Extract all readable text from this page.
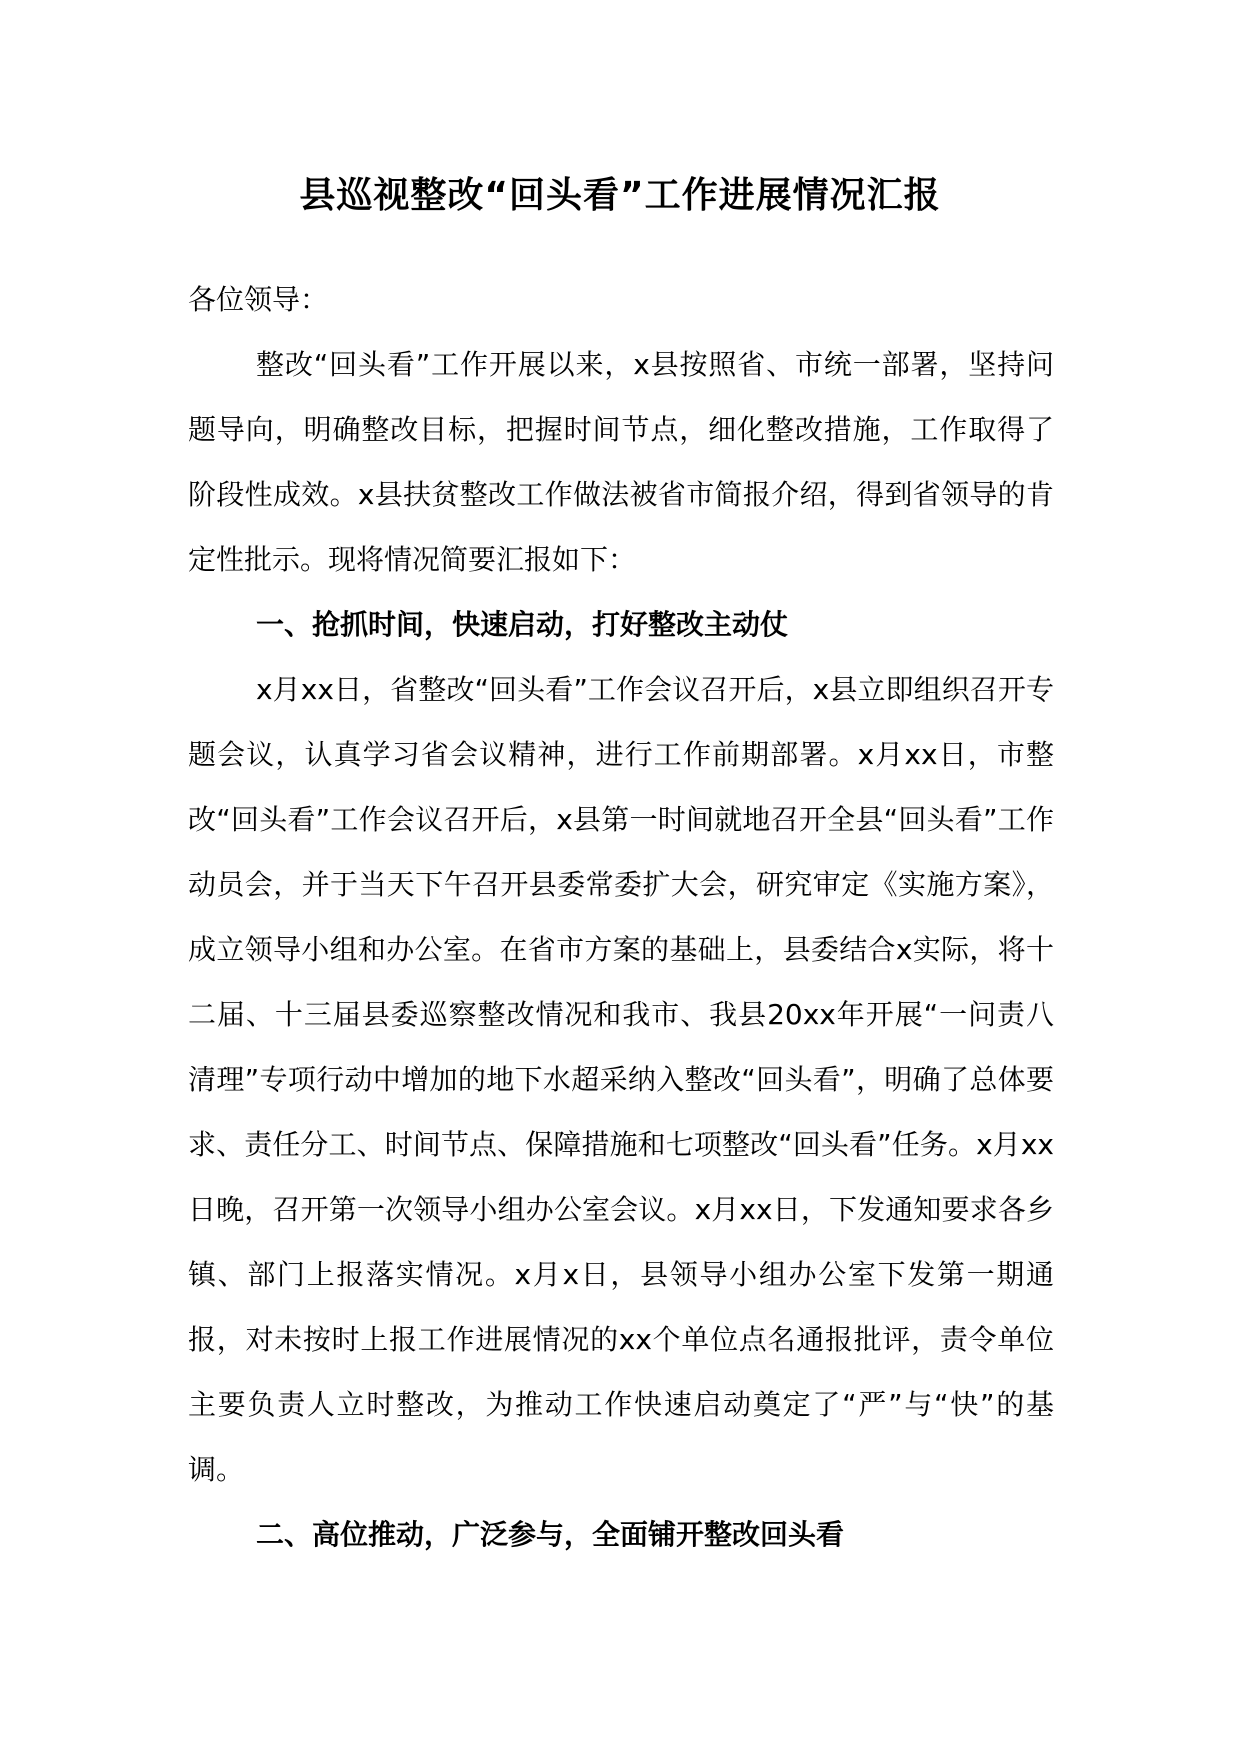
县巡视整改“回头看”工作进展情况汇报

各位领导：

整改“回头看”工作开展以来，x县按照省、市统一部署，坚持问题导向，明确整改目标，把握时间节点，细化整改措施，工作取得了阶段性成效。x县扶贫整改工作做法被省市简报介绍，得到省领导的肯定性批示。现将情况简要汇报如下：

一、抢抓时间，快速启动，打好整改主动仗

x月xx日，省整改“回头看”工作会议召开后，x县立即组织召开专题会议，认真学习省会议精神，进行工作前期部署。x月xx日，市整改“回头看”工作会议召开后，x县第一时间就地召开全县“回头看”工作动员会，并于当天下午召开县委常委扩大会，研究审定《实施方案》，成立领导小组和办公室。在省市方案的基础上，县委结合x实际，将十二届、十三届县委巡察整改情况和我市、我县20xx年开展“一问责八清理”专项行动中增加的地下水超采纳入整改“回头看”，明确了总体要求、责任分工、时间节点、保障措施和七项整改“回头看”任务。x月xx日晚，召开第一次领导小组办公室会议。x月xx日，下发通知要求各乡镇、部门上报落实情况。x月x日，县领导小组办公室下发第一期通报，对未按时上报工作进展情况的xx个单位点名通报批评，责令单位主要负责人立时整改，为推动工作快速启动奠定了“严”与“快”的基调。

二、高位推动，广泛参与，全面铺开整改回头看
